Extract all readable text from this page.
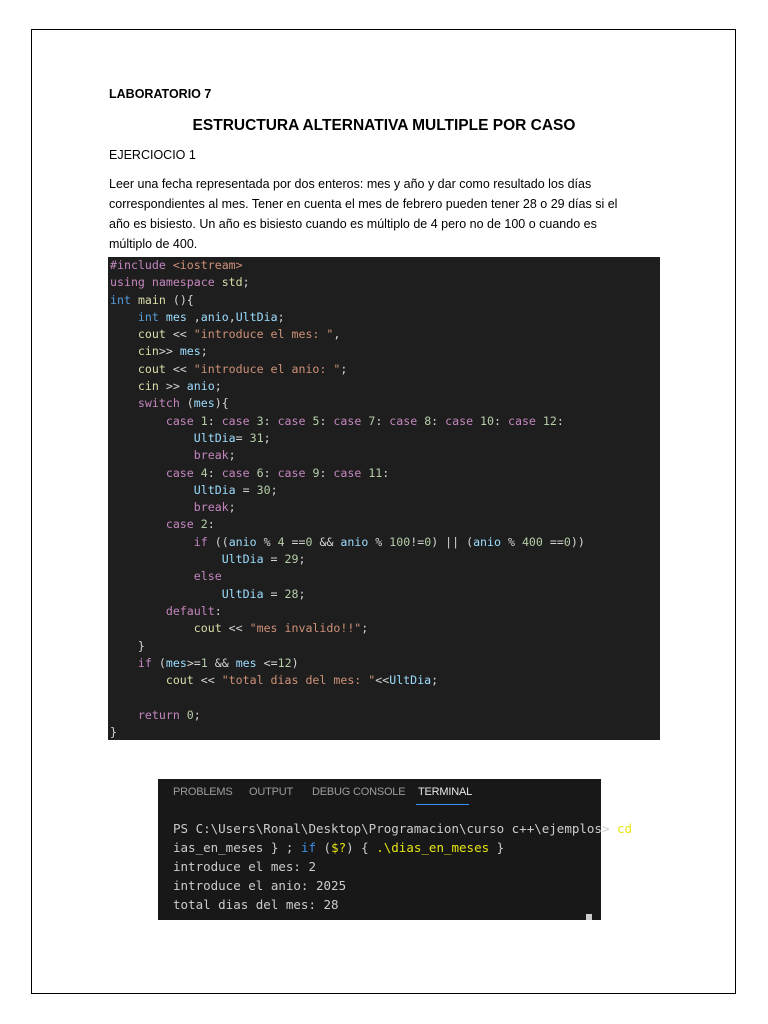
LABORATORIO 7
ESTRUCTURA ALTERNATIVA MULTIPLE POR CASO
EJERCIOCIO 1
Leer una fecha representada por dos enteros: mes y año y dar como resultado los días
correspondientes al mes. Tener en cuenta el mes de febrero pueden tener 28 o 29 días si el
año es bisiesto. Un año es bisiesto cuando es múltiplo de 4 pero no de 100 o cuando es
múltiplo de 400.
#include <iostream>
using namespace std;
int main (){
int mes ,anio,UltDia;
cout << "introduce el mes: ",
cin>> mes;
cout << "introduce el anio: ";
cin >> anio;
switch (mes){
case 1: case 3: case 5: case 7: case 8: case 10: case 12:
UltDia= 31;
break;
case 4: case 6: case 9: case 11:
UltDia = 30;
break;
case 2:
if ((anio % 4 ==0 && anio % 100!=0) || (anio % 400 ==0))
UltDia = 29;
else
UltDia = 28;
default:
cout << "mes invalido!!";
}
if (mes>=1 && mes <=12)
cout << "total dias del mes: "<<UltDia;

return 0;
}
PROBLEMS OUTPUT DEBUG CONSOLE TERMINAL
PS C:\Users\Ronal\Desktop\Programacion\curso c++\ejemplos> cd
ias_en_meses } ; if ($?) { .\dias_en_meses }
introduce el mes: 2
introduce el anio: 2025
total dias del mes: 28
